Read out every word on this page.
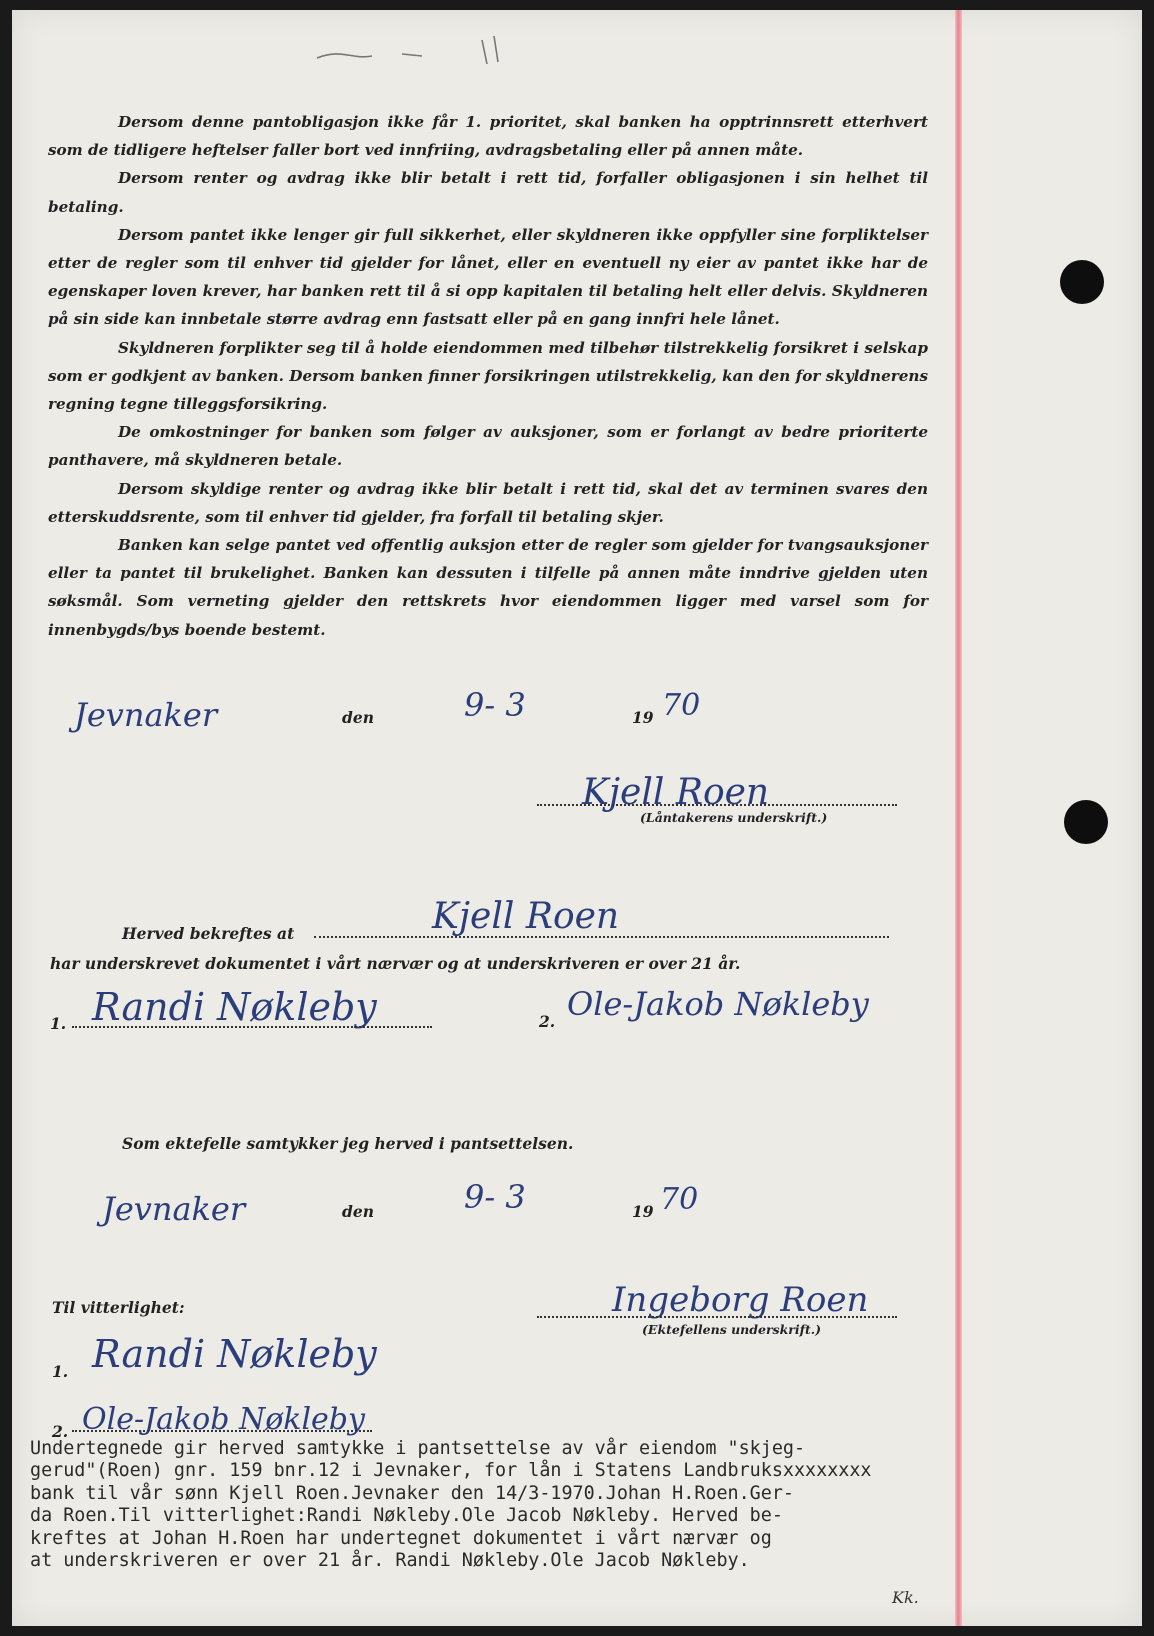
Dersom denne pantobligasjon ikke får 1. prioritet, skal banken ha opptrinnsrett etterhvert som de tidligere heftelser faller bort ved innfriing, avdragsbetaling eller på annen måte.

Dersom renter og avdrag ikke blir betalt i rett tid, forfaller obligasjonen i sin helhet til betaling.

Dersom pantet ikke lenger gir full sikkerhet, eller skyldneren ikke oppfyller sine forpliktelser etter de regler som til enhver tid gjelder for lånet, eller en eventuell ny eier av pantet ikke har de egenskaper loven krever, har banken rett til å si opp kapitalen til betaling helt eller delvis. Skyldneren på sin side kan innbetale større avdrag enn fastsatt eller på en gang innfri hele lånet.

Skyldneren forplikter seg til å holde eiendommen med tilbehør tilstrekkelig forsikret i selskap som er godkjent av banken. Dersom banken finner forsikringen utilstrekkelig, kan den for skyldnerens regning tegne tilleggsforsikring.

De omkostninger for banken som følger av auksjoner, som er forlangt av bedre prioriterte panthavere, må skyldneren betale.

Dersom skyldige renter og avdrag ikke blir betalt i rett tid, skal det av terminen svares den etterskuddsrente, som til enhver tid gjelder, fra forfall til betaling skjer.

Banken kan selge pantet ved offentlig auksjon etter de regler som gjelder for tvangsauksjoner eller ta pantet til brukelighet. Banken kan dessuten i tilfelle på annen måte inndrive gjelden uten søksmål. Som verneting gjelder den rettskrets hvor eiendommen ligger med varsel som for innenbygds/bys boende bestemt.

Jevnaker	den	9- 3	19 70
Kjell Roen
(Låntakerens underskrift.)
Herved bekreftes at	Kjell Roen
har underskrevet dokumentet i vårt nærvær og at underskriveren er over 21 år.
1. Randi Nøkleby	2. Ole-Jakob Nøkleby
Som ektefelle samtykker jeg herved i pantsettelsen.
Jevnaker	den	9- 3	19 70
Til vitterlighet:	Ingeborg Roen
(Ektefellens underskrift.)
1. Randi Nøkleby
2. Ole-Jakob Nøkleby
Undertegnede gir herved samtykke i pantsettelse av vår eiendom "skjeg-
gerud"(Roen) gnr. 159 bnr.12 i Jevnaker, for lån i Statens Landbruksxxxxxxxx
bank til vår sønn Kjell Roen.Jevnaker den 14/3-1970.Johan H.Roen.Ger-
da Roen.Til vitterlighet:Randi Nøkleby.Ole Jacob Nøkleby. Herved be-
kreftes at Johan H.Roen har undertegnet dokumentet i vårt nærvær og
at underskriveren er over 21 år. Randi Nøkleby.Ole Jacob Nøkleby.
Kk.
